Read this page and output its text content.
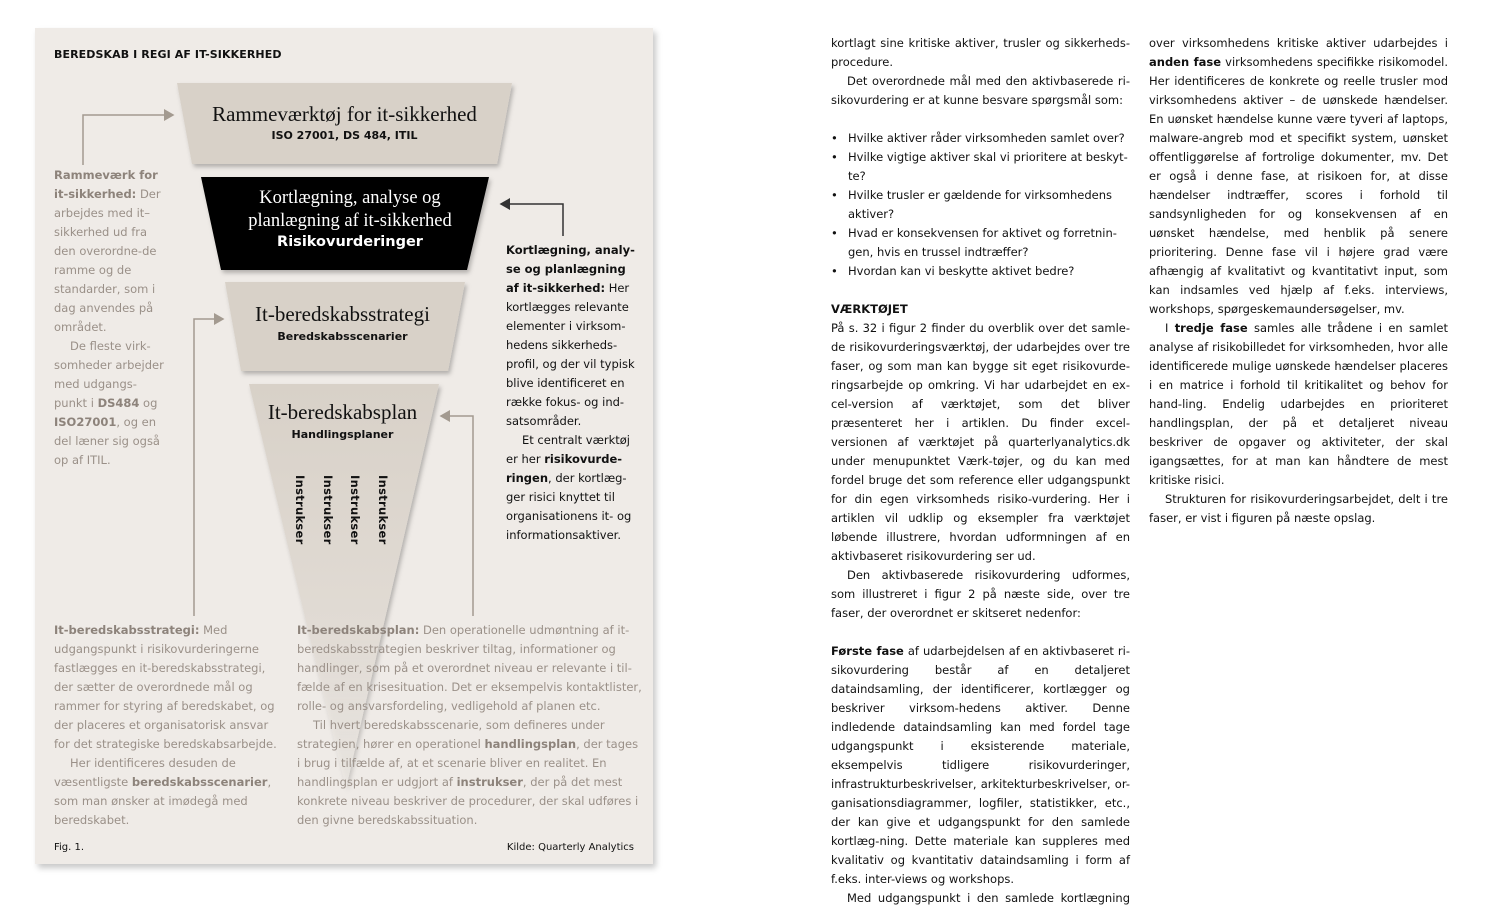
BEREDSKAB I REGI AF IT-SIKKERHED
Rammeværktøj for it-sikkerhed
ISO 27001, DS 484, ITIL
Kortlægning, analyse og
planlægning af it-sikkerhed
Risikovurderinger
It-beredskabsstrategi
Beredskabsscenarier
It-beredskabsplan
Handlingsplaner
Instrukser Instrukser Instrukser Instrukser

Rammeværk for it-sikkerhed: Der arbejdes med it–sikkerhed ud fra den overordne-de ramme og de standarder, som i dag anvendes på området.

De fleste virk-somheder arbejder med udgangs-punkt i DS484 og ISO27001, og en del læner sig også op af ITIL.

Kortlægning, analy-se og planlægning af it-sikkerhed: Her kortlægges relevante elementer i virksom-hedens sikkerheds-profil, og der vil typisk blive identificeret en række fokus- og ind-satsområder.

Et centralt værktøj er her risikovurde-ringen, der kortlæg-ger risici knyttet til organisationens it- og informationsaktiver.

It-beredskabsstrategi: Med udgangspunkt i risikovurderingerne fastlægges en it-beredskabsstrategi, der sætter de overordnede mål og rammer for styring af beredskabet, og der placeres et organisatorisk ansvar for det strategiske beredskabsarbejde.

Her identificeres desuden de væsentligste beredskabsscenarier, som man ønsker at imødegå med beredskabet.

It-beredskabsplan: Den operationelle udmøntning af it-beredskabsstrategien beskriver tiltag, informationer og handlinger, som på et overordnet niveau er relevante i til-fælde af en krisesituation. Det er eksempelvis kontaktlister, rolle- og ansvarsfordeling, vedligehold af planen etc.

Til hvert beredskabsscenarie, som defineres under strategien, hører en operationel handlingsplan, der tages i brug i tilfælde af, at et scenarie bliver en realitet. En handlingsplan er udgjort af instrukser, der på det mest konkrete niveau beskriver de procedurer, der skal udføres i den givne beredskabssituation.

Fig. 1.	Kilde: Quarterly Analytics

kortlagt sine kritiske aktiver, trusler og sikkerheds-procedure.

Det overordnede mål med den aktivbaserede ri-sikovurdering er at kunne besvare spørgsmål som:

• Hvilke aktiver råder virksomheden samlet over?
• Hvilke vigtige aktiver skal vi prioritere at beskyt-te?
• Hvilke trusler er gældende for virksomhedens aktiver?
• Hvad er konsekvensen for aktivet og forretnin-gen, hvis en trussel indtræffer?
• Hvordan kan vi beskytte aktivet bedre?

VÆRKTØJET

På s. 32 i figur 2 finder du overblik over det samle-de risikovurderingsværktøj, der udarbejdes over tre faser, og som man kan bygge sit eget risikovurde-ringsarbejde op omkring. Vi har udarbejdet en ex-cel-version af værktøjet, som det bliver præsenteret her i artiklen. Du finder excel-versionen af værktøjet på quarterlyanalytics.dk under menupunktet Værk-tøjer, og du kan med fordel bruge det som reference eller udgangspunkt for din egen virksomheds risiko-vurdering. Her i artiklen vil udklip og eksempler fra værktøjet løbende illustrere, hvordan udformningen af en aktivbaseret risikovurdering ser ud.

Den aktivbaserede risikovurdering udformes, som illustreret i figur 2 på næste side, over tre faser, der overordnet er skitseret nedenfor:

Første fase af udarbejdelsen af en aktivbaseret ri-sikovurdering består af en detaljeret dataindsamling, der identificerer, kortlægger og beskriver virksom-hedens aktiver. Denne indledende dataindsamling kan med fordel tage udgangspunkt i eksisterende materiale, eksempelvis tidligere risikovurderinger, infrastrukturbeskrivelser, arkitekturbeskrivelser, or-ganisationsdiagrammer, logfiler, statistikker, etc., der kan give et udgangspunkt for den samlede kortlæg-ning. Dette materiale kan suppleres med kvalitativ og kvantitativ dataindsamling i form af f.eks. inter-views og workshops.

Med udgangspunkt i den samlede kortlægning

over virksomhedens kritiske aktiver udarbejdes i anden fase virksomhedens specifikke risikomodel. Her identificeres de konkrete og reelle trusler mod virksomhedens aktiver – de uønskede hændelser. En uønsket hændelse kunne være tyveri af laptops, malware-angreb mod et specifikt system, uønsket offentliggørelse af fortrolige dokumenter, mv. Det er også i denne fase, at risikoen for, at disse hændelser indtræffer, scores i forhold til sandsynligheden for og konsekvensen af en uønsket hændelse, med henblik på senere prioritering. Denne fase vil i højere grad være afhængig af kvalitativt og kvantitativt input, som kan indsamles ved hjælp af f.eks. interviews, workshops, spørgeskemaundersøgelser, mv.

I tredje fase samles alle trådene i en samlet analyse af risikobilledet for virksomheden, hvor alle identificerede mulige uønskede hændelser placeres i en matrice i forhold til kritikalitet og behov for hand-ling. Endelig udarbejdes en prioriteret handlingsplan, der på et detaljeret niveau beskriver de opgaver og aktiviteter, der skal igangsættes, for at man kan håndtere de mest kritiske risici.

Strukturen for risikovurderingsarbejdet, delt i tre faser, er vist i figuren på næste opslag.
